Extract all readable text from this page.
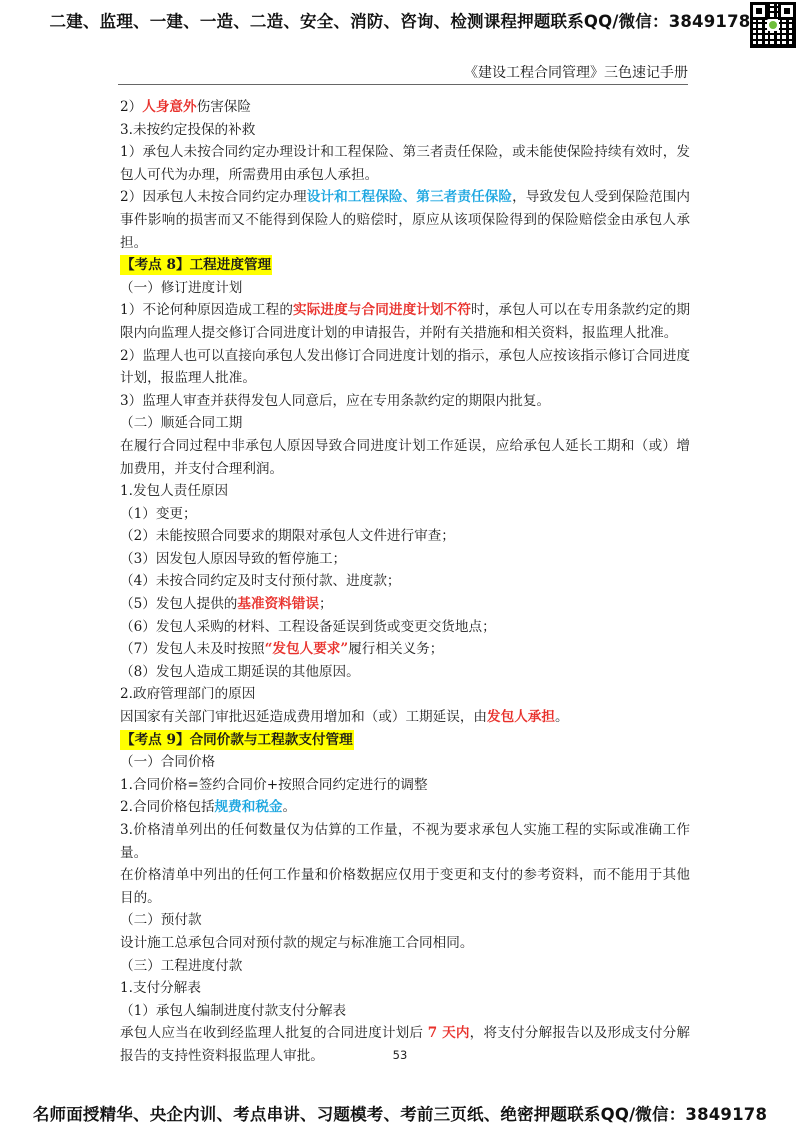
二建、监理、一建、一造、二造、安全、消防、咨询、检测课程押题联系QQ/微信：3849178
《建设工程合同管理》三色速记手册

2）人身意外伤害保险

3.未按约定投保的补救

1）承包人未按合同约定办理设计和工程保险、第三者责任保险，或未能使保险持续有效时，发包人可代为办理，所需费用由承包人承担。

2）因承包人未按合同约定办理设计和工程保险、第三者责任保险，导致发包人受到保险范围内事件影响的损害而又不能得到保险人的赔偿时，原应从该项保险得到的保险赔偿金由承包人承担。

【考点 8】工程进度管理

（一）修订进度计划

1）不论何种原因造成工程的实际进度与合同进度计划不符时，承包人可以在专用条款约定的期限内向监理人提交修订合同进度计划的申请报告，并附有关措施和相关资料，报监理人批准。

2）监理人也可以直接向承包人发出修订合同进度计划的指示，承包人应按该指示修订合同进度计划，报监理人批准。

3）监理人审查并获得发包人同意后，应在专用条款约定的期限内批复。

（二）顺延合同工期

在履行合同过程中非承包人原因导致合同进度计划工作延误，应给承包人延长工期和（或）增加费用，并支付合理利润。

1.发包人责任原因

（1）变更；

（2）未能按照合同要求的期限对承包人文件进行审查；

（3）因发包人原因导致的暂停施工；

（4）未按合同约定及时支付预付款、进度款；

（5）发包人提供的基准资料错误；

（6）发包人采购的材料、工程设备延误到货或变更交货地点；

（7）发包人未及时按照“发包人要求”履行相关义务；

（8）发包人造成工期延误的其他原因。

2.政府管理部门的原因

因国家有关部门审批迟延造成费用增加和（或）工期延误，由发包人承担。

【考点 9】合同价款与工程款支付管理

（一）合同价格

1.合同价格=签约合同价+按照合同约定进行的调整

2.合同价格包括规费和税金。

3.价格清单列出的任何数量仅为估算的工作量，不视为要求承包人实施工程的实际或准确工作量。

在价格清单中列出的任何工作量和价格数据应仅用于变更和支付的参考资料，而不能用于其他目的。

（二）预付款

设计施工总承包合同对预付款的规定与标准施工合同相同。

（三）工程进度付款

1.支付分解表

（1）承包人编制进度付款支付分解表

承包人应当在收到经监理人批复的合同进度计划后 7 天内，将支付分解报告以及形成支付分解报告的支持性资料报监理人审批。	53
名师面授精华、央企内训、考点串讲、习题模考、考前三页纸、绝密押题联系QQ/微信：3849178
